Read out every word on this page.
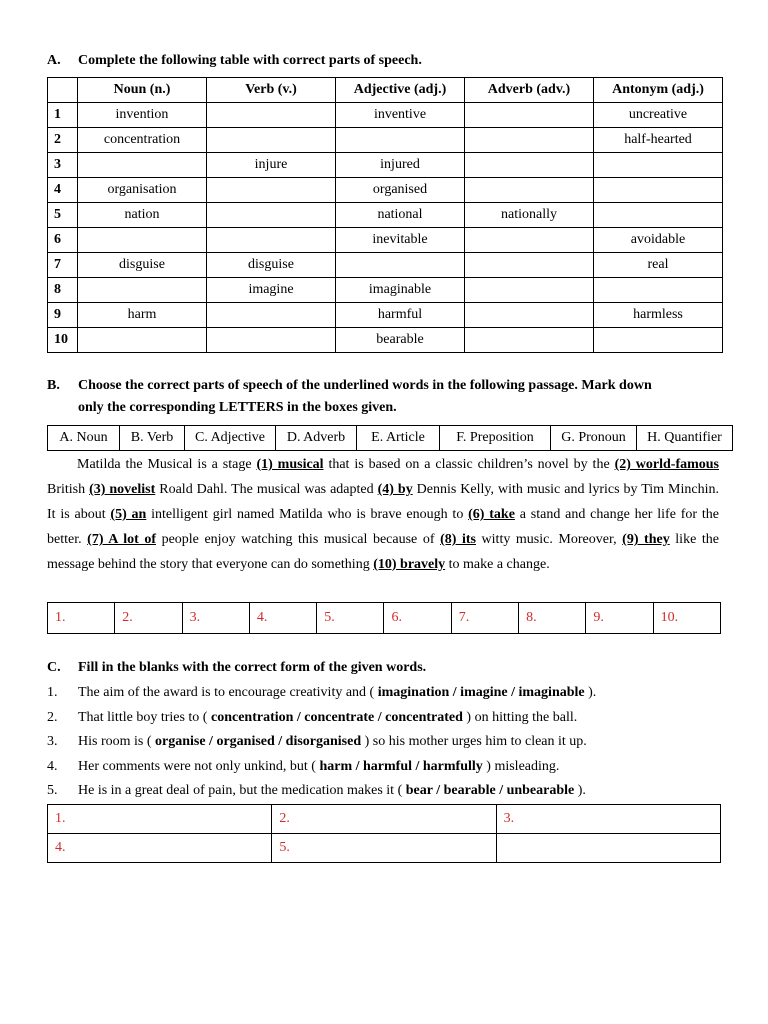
A. Complete the following table with correct parts of speech.
	Noun (n.)	Verb (v.)	Adjective (adj.)	Adverb (adv.)	Antonym (adj.)
1	invention		inventive		uncreative
2	concentration				half-hearted
3		injure	injured		
4	organisation		organised		
5	nation		national	nationally	
6			inevitable		avoidable
7	disguise	disguise			real
8		imagine	imaginable		
9	harm		harmful		harmless
10			bearable		
B. Choose the correct parts of speech of the underlined words in the following passage. Mark down
only the corresponding LETTERS in the boxes given.
A. Noun	B. Verb	C. Adjective	D. Adverb	E. Article	F. Preposition	G. Pronoun	H. Quantifier

Matilda the Musical is a stage (1) musical that is based on a classic children’s novel by the (2) world-famous British (3) novelist Roald Dahl. The musical was adapted (4) by Dennis Kelly, with music and lyrics by Tim Minchin. It is about (5) an intelligent girl named Matilda who is brave enough to (6) take a stand and change her life for the better. (7) A lot of people enjoy watching this musical because of (8) its witty music. Moreover, (9) they like the message behind the story that everyone can do something (10) bravely to make a change.

1.	2.	3.	4.	5.	6.	7.	8.	9.	10.
C. Fill in the blanks with the correct form of the given words.
1. The aim of the award is to encourage creativity and ( imagination / imagine / imaginable ).
2. That little boy tries to ( concentration / concentrate / concentrated ) on hitting the ball.
3. His room is ( organise / organised / disorganised ) so his mother urges him to clean it up.
4. Her comments were not only unkind, but ( harm / harmful / harmfully ) misleading.
5. He is in a great deal of pain, but the medication makes it ( bear / bearable / unbearable ).
1.	2.	3.
4.	5.	
